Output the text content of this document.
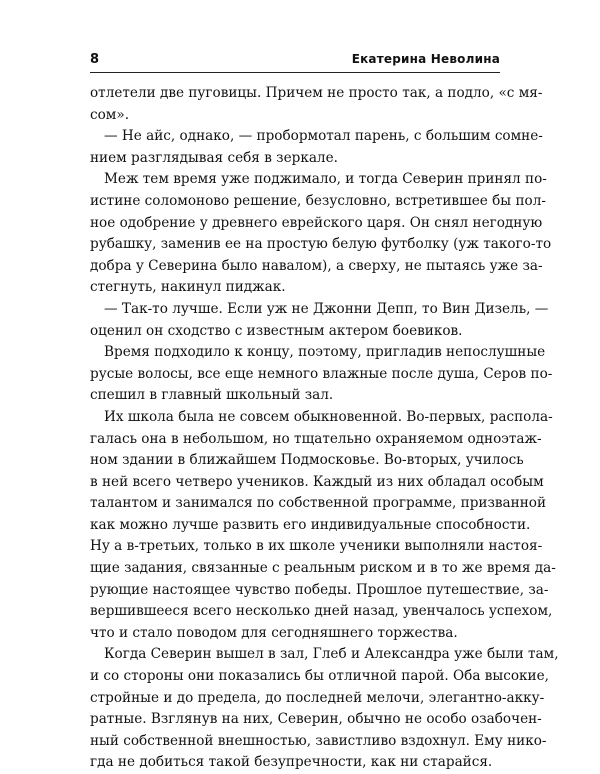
8	Екатерина Неволина
отлетели две пуговицы. Причем не просто так, а подло, «с мя-
сом».
— Не айс, однако, — пробормотал парень, с большим сомне-
нием разглядывая себя в зеркале.
Меж тем время уже поджимало, и тогда Северин принял по-
истине соломоново решение, безусловно, встретившее бы пол-
ное одобрение у древнего еврейского царя. Он снял негодную
рубашку, заменив ее на простую белую футболку (уж такого-то
добра у Северина было навалом), а сверху, не пытаясь уже за-
стегнуть, накинул пиджак.
— Так-то лучше. Если уж не Джонни Депп, то Вин Дизель, —
оценил он сходство с известным актером боевиков.
Время подходило к концу, поэтому, пригладив непослушные
русые волосы, все еще немного влажные после душа, Серов по-
спешил в главный школьный зал.
Их школа была не совсем обыкновенной. Во-первых, распола-
галась она в небольшом, но тщательно охраняемом одноэтаж-
ном здании в ближайшем Подмосковье. Во-вторых, училось
в ней всего четверо учеников. Каждый из них обладал особым
талантом и занимался по собственной программе, призванной
как можно лучше развить его индивидуальные способности.
Ну а в-третьих, только в их школе ученики выполняли настоя-
щие задания, связанные с реальным риском и в то же время да-
рующие настоящее чувство победы. Прошлое путешествие, за-
вершившееся всего несколько дней назад, увенчалось успехом,
что и стало поводом для сегодняшнего торжества.
Когда Северин вышел в зал, Глеб и Александра уже были там,
и со стороны они показались бы отличной парой. Оба высокие,
стройные и до предела, до последней мелочи, элегантно-акку-
ратные. Взглянув на них, Северин, обычно не особо озабочен-
ный собственной внешностью, завистливо вздохнул. Ему нико-
гда не добиться такой безупречности, как ни старайся.
